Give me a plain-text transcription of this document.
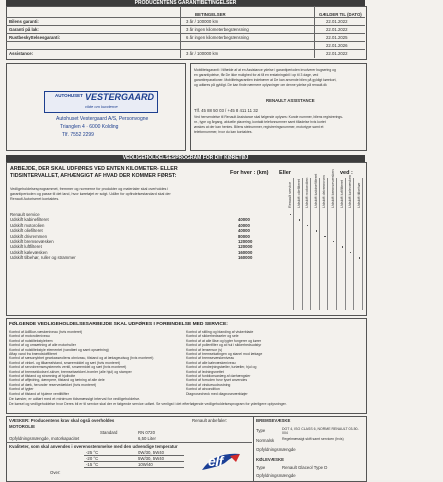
PRODUCENTENS GARANTIBETINGELSER
BETINGELSER	GÆLDER TIL (DATO)
Bilens garanti:	3 år / 100000 km	22.01.2022
Garanti på lak:	3 år ingen kilometerbegrænsning	22.01.2022
Rustbeskyttelsesgaranti:	6 år ingen kilometerbegrænsning	22.01.2025
22.01.2026
Assistance:	3 år / 100000 km	22.01.2022
AUTOHUSET VESTERGAARD
vilde om kunderne
Autohuset Vestergaard A/S, Personvogne
Trianglen 4 · 6000 Kolding
Tlf. 7552 2299
Mobilitetsgaranti: I tilfælde af at en Assistance ydelse i garantiperioden involverer bugsering og
en garantiydelse, får De ikke mulighed for at få en erstatningsbil i op til 3 dage, ved
garantireparationer. Mobilitetsgarantien indebærer at De kan anvende bilen på gyldigt kørekort,
og udføres på gyldigt. De kan finde nærmere oplysninger om denne ydelse på renault.dk
RENAULT ASSISTANCE
Tlf. 45 88 50 03 / +45 8 411 11 32
Ved henvendelse til Renault Assistance skal følgende oplyses: Kunde nummer, bilens registrerings-
nr., type og årgang, aktuelle placering, kontakt telefonnummer samt tilladelse hvis kortet
ønskes at der kan hentes. Bilens stelnummer, registreringsnummer, motortype samt et
telefonnummer, hvor du kan kontaktes.
VEDLIGEHOLDELSESPROGRAM FOR DIT KØRETØJ
ARBEJDE, DER SKAL UDFØRES VED ENTEN KILOMETER- ELLER
TIDSINTERVALLET, AFHÆNGIGT AF HVAD DER KOMMER FØRST:	For hver : (km) Eller	ved :
Vedligeholdelsesprogrammet, fremmer og normerne for produkter og materialer skal overholdes i
garantiperioden og passe til det land, hvor køretøjet er solgt. Udåm for opfindelsestandard skal der
Renault Autoriseret kontaktes.
Renault service
Udskift kabinefilteret	40000
Udskift motorolien	40000
Udskift oliefilteret	40000
Udskift drivremmen	80000
Udskift bremsevæsken	120000
Udskift luftfilteret	120000
Udskift kølevæsken	160000
Udskift tilbehør, ruller og strammer	160000
Renault service	Udskift oliefilteret	Udskift motorolien	Udskift kabinefilteret	Udskift drivremmen	Udskift bremsevæsken	Udskift luftfilteret	Udskift kølevæsken	Udskift tilbehør
FØLGENDE VEDLIGEHOLDELSESARBEJDE SKAL UDFØRES I FORBINDELSE MED SERVICE:
Kontrol af AdBlue-væskeniveau (hvis monteret)
Kontrol af motorolieniveau
Kontrol af nulstiltekstylebem
Kontrol af og omsætning af alle motorhuller
Kontrol af nulstiltekstyle elementet (vandtæt og samt opsætning)
Aftap vand fra brændstoffilteret
Kontrol af sæsonybbet gearkasseoliens obnivasu, tilstand og at lækageudsug (hvis monteret)
Kontrol af vinkel- og tilkøreafstand, smøremiddel og sæt (hvis monteret)
Kontrol af servobremsesystemets ventil, smøremidel og sæt (hvis monteret)
Kontrol af bremseklodser/-skiver, bremsebaekker/-tromler (alle hjul) og stamper
Kontrol af tilstand og stramning af hjulbolte
Kontrol af affjedring, dæmpere, tilstand og tætning af alle dele
Kontrol af dæk, herunder reservedækket (hvis monteret)
Kontrol af lygter
Kontrol af tilstand af hjulene ventiltilfter
Kontrol af stilling og blanding af viskerblade
Kontrol af sikkerhedsseler og sele
Kontrol af at alle låse og lygter fungerer og kører
Kontrol af pollenfilter og at hul i sikkerhedsudstyr
Kontrol af lensensor (s)
Kontrol af bremsekølingen og stanel mod lækage
Kontrol af bremsevæskeniveau
Kontrol af alle kølevæskeniveau
Kontrol af omdrejningstæller, turtæller, hjul og
Kontrol af ledningsnettet
Kontrol af funktionsanlæg af dørhængsler
Kontrol af forruden hvor lyset anvendes
Kontrol af vinduesudrustning
Kontrol af aircondition
Diagnosecheck med diagnoseværktøjer
De kørsler, er udført med et minimum tidsmæssigt interval for vedligeholdelse.
De kørsel og vedligeholdelse hvor Deres bil er til service skal der er følgende service udført. Se venligst i det efterfølgende vedligeholdelsesprogram for yderligere oplysninger.
VÆSKER: Producentens krav skal også overholdes
MOTOROLIE
Standard	RN 0720
Opfyldningsmængde, motorkapacitet	6,50 Liter
Kvaliteter, som skal anvendes i overensstemmelse med den udvendige temperatur
-25 °C	0W/30, 5W40
-20 °C	5W/30, 5W40
-15 °C	10W/40
Over:
Renault anbefaler:
elf
BREMSEVÆSKE
Type	DOT 4, ISO CLASS 6, NORME RENAULT 03-50-004
Normalsk Regelmæssigt skift samt servicen (hvis)
Opfyldningsmængde
KØLEVÆSKE
Type	Renault Glaceol Type D
Opfyldningsmængde
